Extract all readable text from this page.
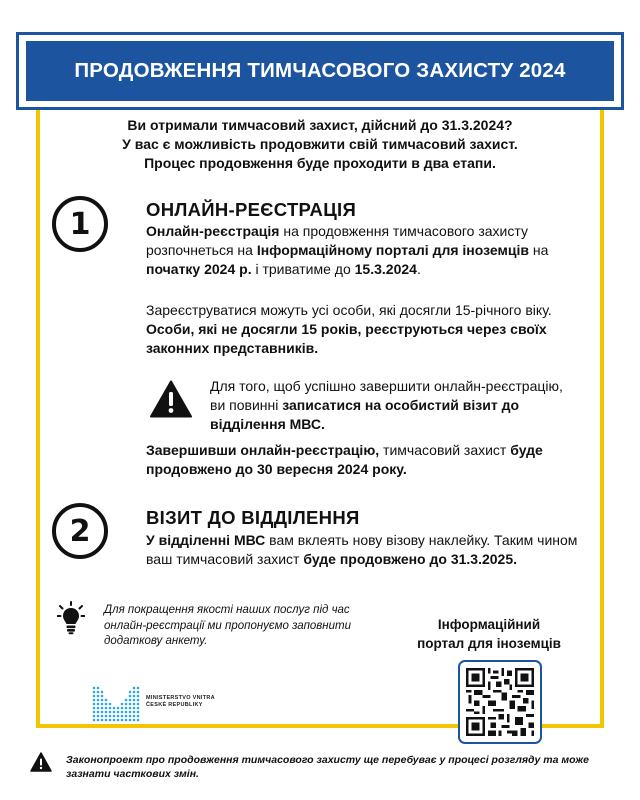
ПРОДОВЖЕННЯ ТИМЧАСОВОГО ЗАХИСТУ 2024
Ви отримали тимчасовий захист, дійсний до 31.3.2024?
У вас є можливість продовжити свій тимчасовий захист.
Процес продовження буде проходити в два етапи.
1	ОНЛАЙН-РЕЄСТРАЦІЯ
Онлайн-реєстрація на продовження тимчасового захисту розпочнеться на Інформаційному порталі для іноземців на початку 2024 р. і триватиме до 15.3.2024.
Зареєструватися можуть усі особи, які досягли 15-річного віку. Особи, які не досягли 15 років, реєструються через своїх законних представників.
Для того, щоб успішно завершити онлайн-реєстрацію, ви повинні записатися на особистий візит до відділення МВС.
Завершивши онлайн-реєстрацію, тимчасовий захист буде продовжено до 30 вересня 2024 року.
2	ВІЗИТ ДО ВІДДІЛЕННЯ
У відділенні МВС вам вклеять нову візову наклейку. Таким чином ваш тимчасовий захист буде продовжено до 31.3.2025.
Для покращення якості наших послуг під час онлайн-реєстрації ми пропонуємо заповнити додаткову анкету.
Інформаційний
портал для іноземців
MINISTERSTVO VNITRA
ČESKÉ REPUBLIKY
Законопроект про продовження тимчасового захисту ще перебуває у процесі розгляду та може зазнати часткових змін.
